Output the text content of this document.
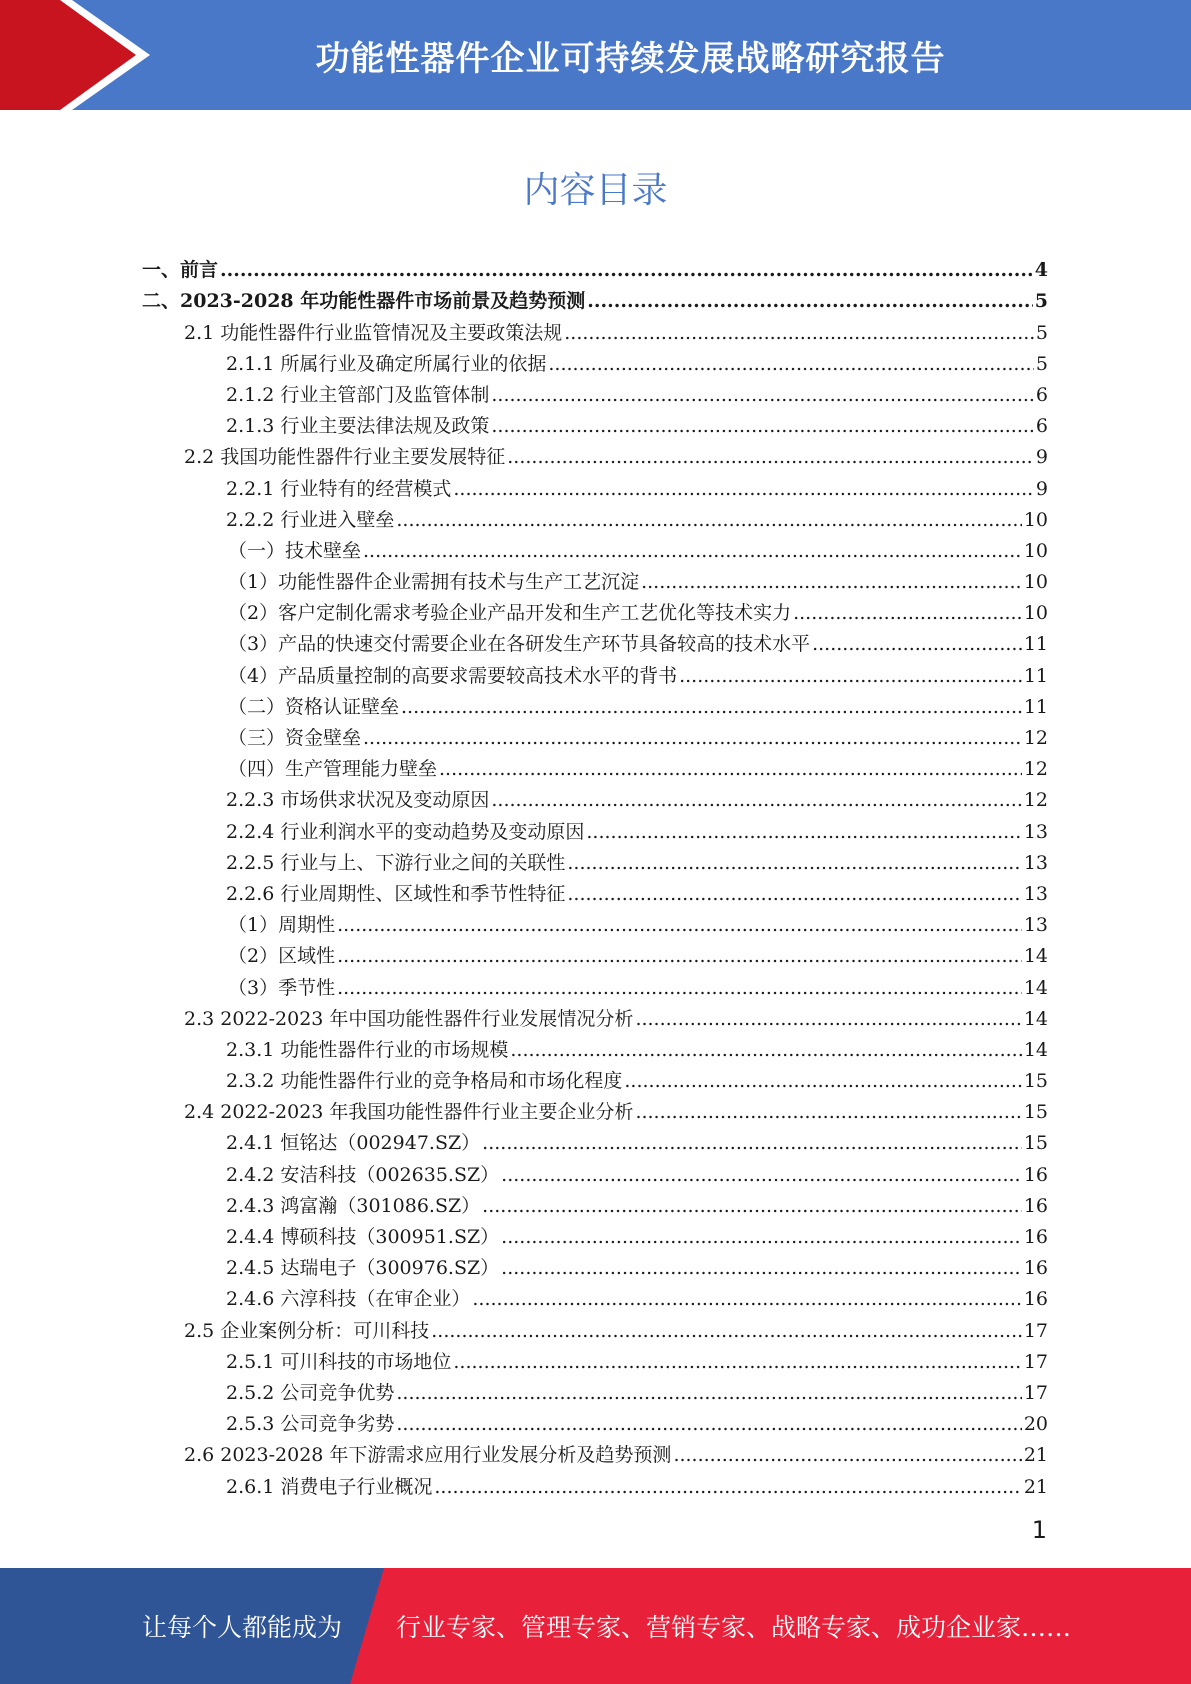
功能性器件企业可持续发展战略研究报告
内容目录
一、前言 .....	4
二、2023-2028 年功能性器件市场前景及趋势预测 .....	5
2.1 功能性器件行业监管情况及主要政策法规 .....	5
2.1.1 所属行业及确定所属行业的依据 .....	5
2.1.2 行业主管部门及监管体制 .....	6
2.1.3 行业主要法律法规及政策 .....	6
2.2 我国功能性器件行业主要发展特征 .....	9
2.2.1 行业特有的经营模式 .....	9
2.2.2 行业进入壁垒 .....	10
（一）技术壁垒 .....	10
（1）功能性器件企业需拥有技术与生产工艺沉淀 .....	10
（2）客户定制化需求考验企业产品开发和生产工艺优化等技术实力 .....	10
（3）产品的快速交付需要企业在各研发生产环节具备较高的技术水平 .....	11
（4）产品质量控制的高要求需要较高技术水平的背书 .....	11
（二）资格认证壁垒 .....	11
（三）资金壁垒 .....	12
（四）生产管理能力壁垒 .....	12
2.2.3 市场供求状况及变动原因 .....	12
2.2.4 行业利润水平的变动趋势及变动原因 .....	13
2.2.5 行业与上、下游行业之间的关联性 .....	13
2.2.6 行业周期性、区域性和季节性特征 .....	13
（1）周期性 .....	13
（2）区域性 .....	14
（3）季节性 .....	14
2.3 2022-2023 年中国功能性器件行业发展情况分析 .....	14
2.3.1 功能性器件行业的市场规模 .....	14
2.3.2 功能性器件行业的竞争格局和市场化程度 .....	15
2.4 2022-2023 年我国功能性器件行业主要企业分析 .....	15
2.4.1 恒铭达（002947.SZ） .....	15
2.4.2 安洁科技（002635.SZ） .....	16
2.4.3 鸿富瀚（301086.SZ） .....	16
2.4.4 博硕科技（300951.SZ） .....	16
2.4.5 达瑞电子（300976.SZ） .....	16
2.4.6 六淳科技（在审企业） .....	16
2.5 企业案例分析：可川科技 .....	17
2.5.1 可川科技的市场地位 .....	17
2.5.2 公司竞争优势 .....	17
2.5.3 公司竞争劣势 .....	20
2.6 2023-2028 年下游需求应用行业发展分析及趋势预测 .....	21
2.6.1 消费电子行业概况 .....	21
1
让每个人都能成为 行业专家、管理专家、营销专家、战略专家、成功企业家……
